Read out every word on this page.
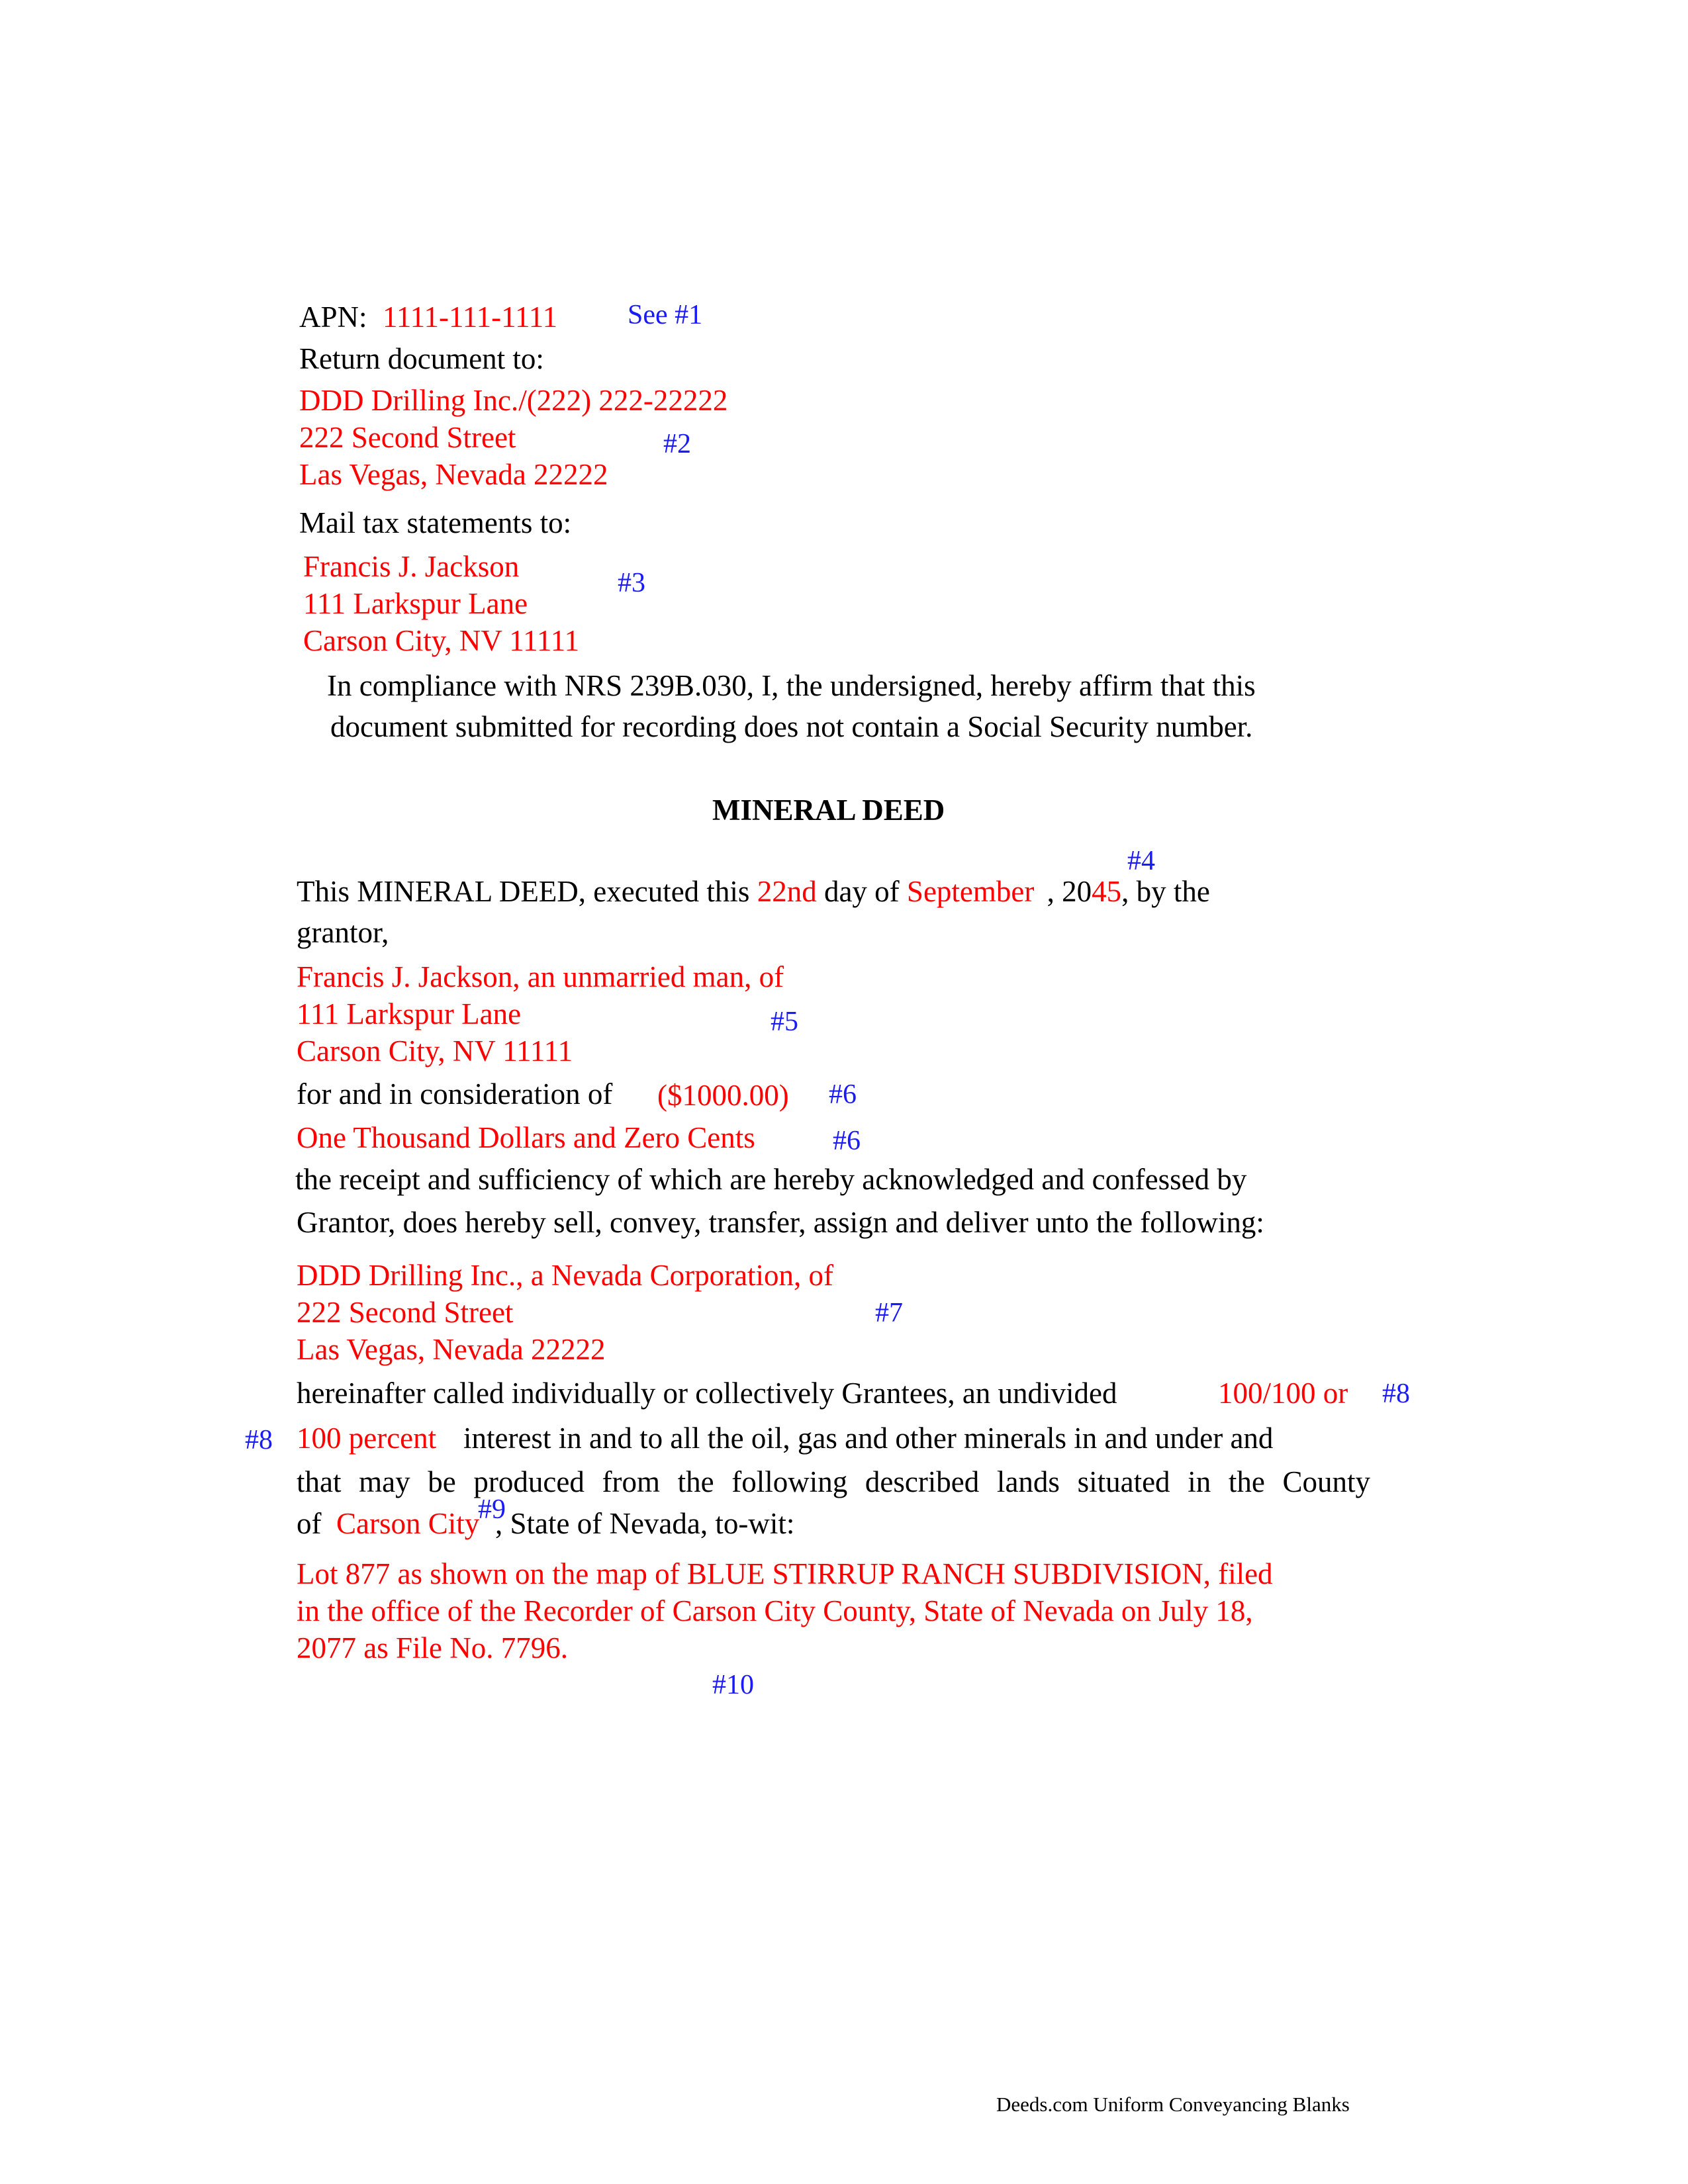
APN: 1111-111-1111	See #1
Return document to:
DDD Drilling Inc./(222) 222-22222
222 Second Street
Las Vegas, Nevada 22222
#2
Mail tax statements to:
Francis J. Jackson
111 Larkspur Lane
Carson City, NV 11111
#3
In compliance with NRS 239B.030, I, the undersigned, hereby affirm that this
document submitted for recording does not contain a Social Security number.
MINERAL DEED
#4
This MINERAL DEED, executed this 22nd day of September , 2045, by the
grantor,
Francis J. Jackson, an unmarried man, of
111 Larkspur Lane
Carson City, NV 11111
#5
for and in consideration of ($1000.00) #6
One Thousand Dollars and Zero Cents	#6
the receipt and sufficiency of which are hereby acknowledged and confessed by
Grantor, does hereby sell, convey, transfer, assign and deliver unto the following:
DDD Drilling Inc., a Nevada Corporation, of
222 Second Street
Las Vegas, Nevada 22222
#7
hereinafter called individually or collectively Grantees, an undivided	100/100 or #8
#8 100 percent interest in and to all the oil, gas and other minerals in and under and
that may be produced from the following described lands situated in the County
of Carson City
#9
, State of Nevada, to-wit:
Lot 877 as shown on the map of BLUE STIRRUP RANCH SUBDIVISION, filed
in the office of the Recorder of Carson City County, State of Nevada on July 18,
2077 as File No. 7796.
#10
Deeds.com Uniform Conveyancing Blanks
